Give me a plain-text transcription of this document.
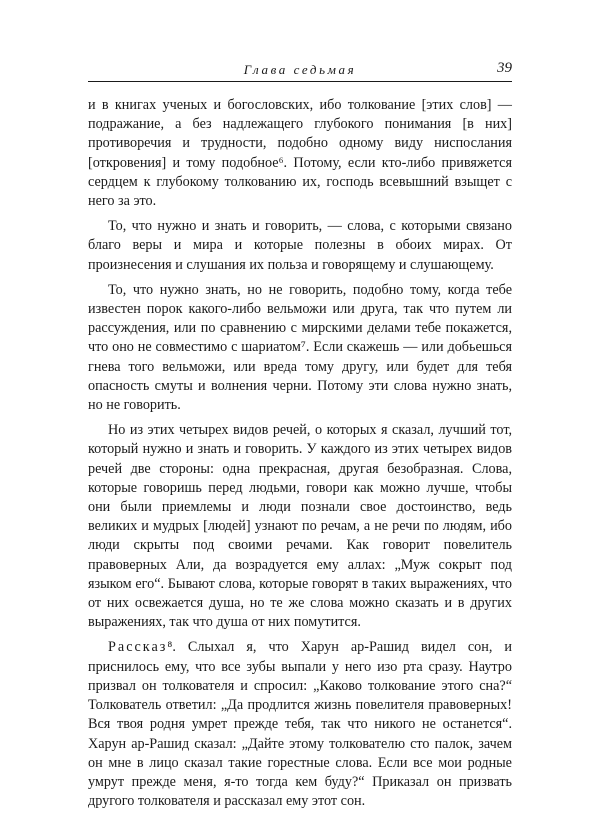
Глава седьмая	39

и в книгах ученых и богословских, ибо толкование [этих слов] — подражание, а без надлежащего глубокого понимания [в них] противоречия и трудности, подобно одному виду ниспослания [откровения] и тому подобное⁶. Потому, если кто-либо привяжется сердцем к глубокому толкованию их, господь всевышний взыщет с него за это.

То, что нужно и знать и говорить, — слова, с которыми связано благо веры и мира и которые полезны в обоих мирах. От произнесения и слушания их польза и говорящему и слушающему.

То, что нужно знать, но не говорить, подобно тому, когда тебе известен порок какого-либо вельможи или друга, так что путем ли рассуждения, или по сравнению с мирскими делами тебе покажется, что оно не совместимо с шариатом⁷. Если скажешь — или добьешься гнева того вельможи, или вреда тому другу, или будет для тебя опасность смуты и волнения черни. Потому эти слова нужно знать, но не говорить.

Но из этих четырех видов речей, о которых я сказал, лучший тот, который нужно и знать и говорить. У каждого из этих четырех видов речей две стороны: одна прекрасная, другая безобразная. Слова, которые говоришь перед людьми, говори как можно лучше, чтобы они были приемлемы и люди познали свое достоинство, ведь великих и мудрых [людей] узнают по речам, а не речи по людям, ибо люди скрыты под своими речами. Как говорит повелитель правоверных Али, да возрадуется ему аллах: „Муж сокрыт под языком его“. Бывают слова, которые говорят в таких выражениях, что от них освежается душа, но те же слова можно сказать и в других выражениях, так что душа от них помутится.

Рассказ⁸. Слыхал я, что Харун ар-Рашид видел сон, и приснилось ему, что все зубы выпали у него изо рта сразу. Наутро призвал он толкователя и спросил: „Каково толкование этого сна?“ Толкователь ответил: „Да продлится жизнь повелителя правоверных! Вся твоя родня умрет прежде тебя, так что никого не останется“. Харун ар-Рашид сказал: „Дайте этому толкователю сто палок, зачем он мне в лицо сказал такие горестные слова. Если все мои родные умрут прежде меня, я-то тогда кем буду?“ Приказал он призвать другого толкователя и рассказал ему этот сон.
